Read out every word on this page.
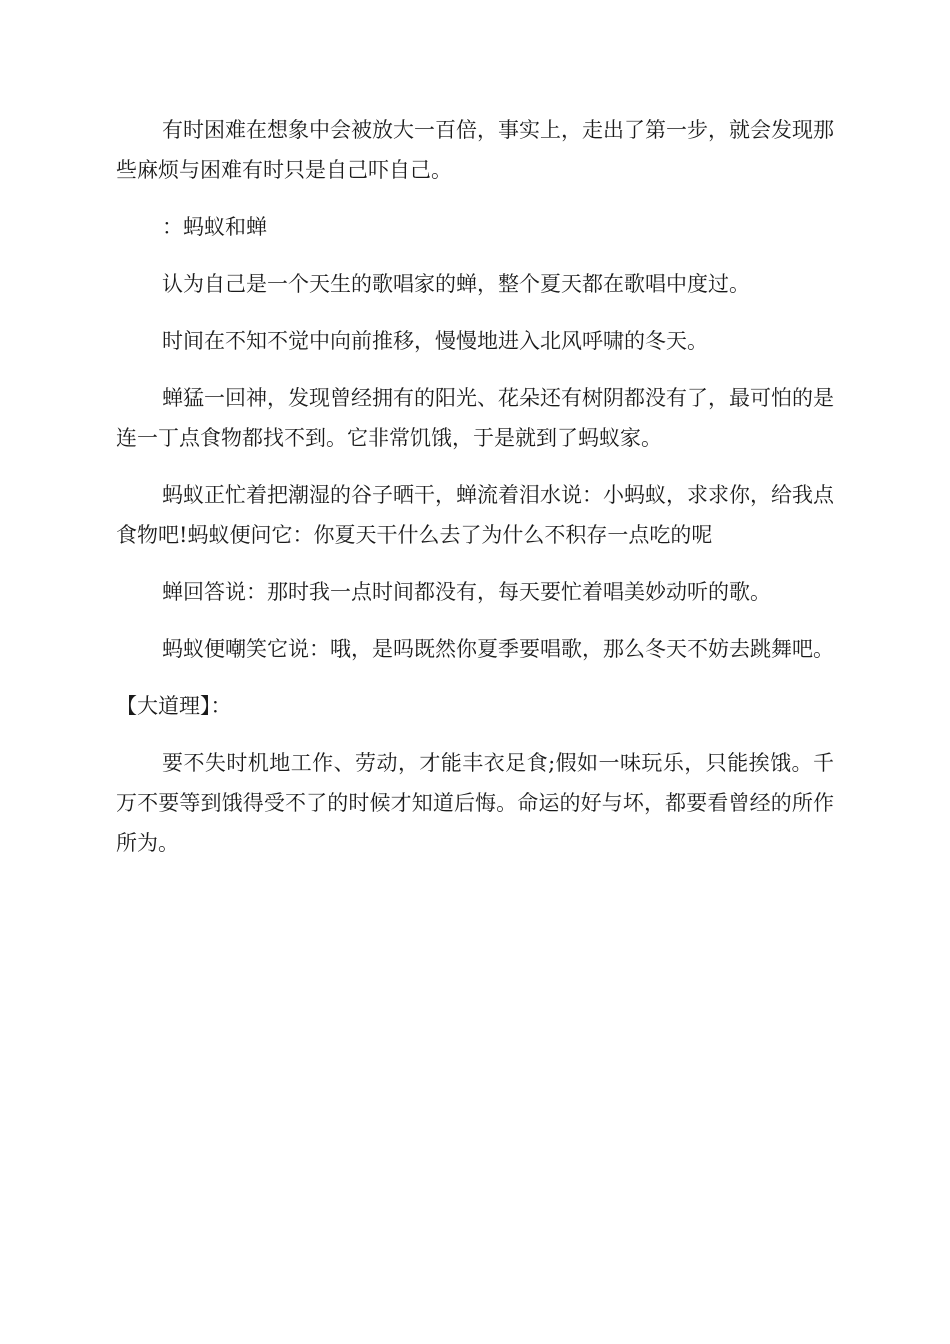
有时困难在想象中会被放大一百倍，事实上，走出了第一步，就会发现那些麻烦与困难有时只是自己吓自己。

：蚂蚁和蝉

认为自己是一个天生的歌唱家的蝉，整个夏天都在歌唱中度过。

时间在不知不觉中向前推移，慢慢地进入北风呼啸的冬天。

蝉猛一回神，发现曾经拥有的阳光、花朵还有树阴都没有了，最可怕的是连一丁点食物都找不到。它非常饥饿，于是就到了蚂蚁家。

蚂蚁正忙着把潮湿的谷子晒干，蝉流着泪水说：小蚂蚁，求求你，给我点食物吧!蚂蚁便问它：你夏天干什么去了为什么不积存一点吃的呢

蝉回答说：那时我一点时间都没有，每天要忙着唱美妙动听的歌。

蚂蚁便嘲笑它说：哦，是吗既然你夏季要唱歌，那么冬天不妨去跳舞吧。

【大道理】：

要不失时机地工作、劳动，才能丰衣足食;假如一味玩乐，只能挨饿。千万不要等到饿得受不了的时候才知道后悔。命运的好与坏，都要看曾经的所作所为。
